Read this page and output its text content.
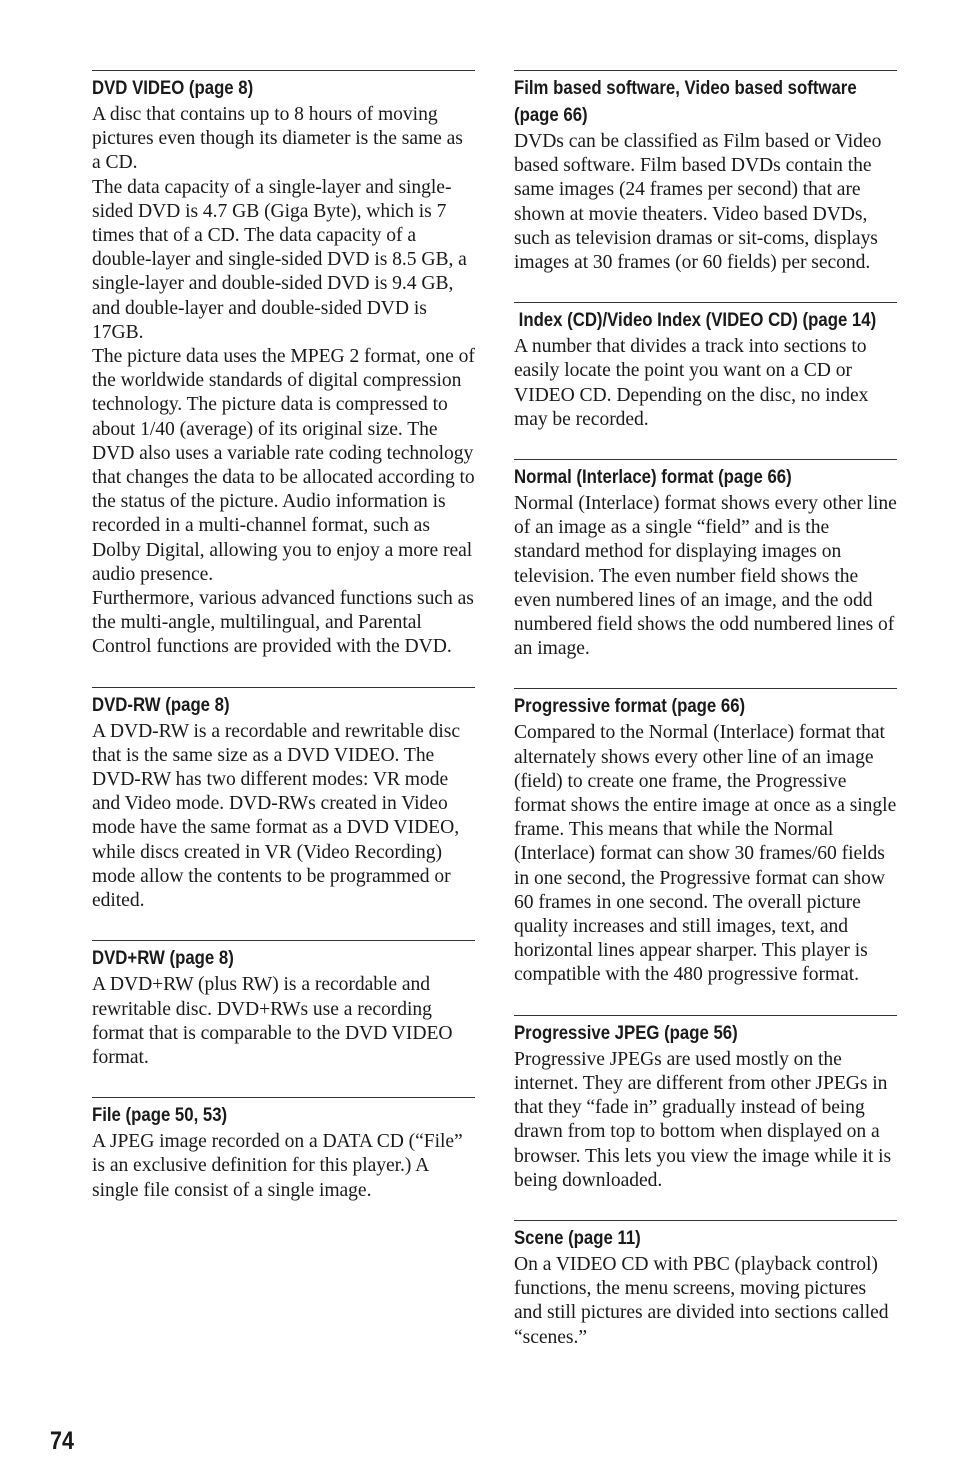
DVD VIDEO (page 8)

A disc that contains up to 8 hours of moving pictures even though its diameter is the same as a CD.

The data capacity of a single-layer and single-sided DVD is 4.7 GB (Giga Byte), which is 7 times that of a CD. The data capacity of a double-layer and single-sided DVD is 8.5 GB, a single-layer and double-sided DVD is 9.4 GB, and double-layer and double-sided DVD is 17GB.

The picture data uses the MPEG 2 format, one of the worldwide standards of digital compression technology. The picture data is compressed to about 1/40 (average) of its original size. The DVD also uses a variable rate coding technology that changes the data to be allocated according to the status of the picture. Audio information is recorded in a multi-channel format, such as Dolby Digital, allowing you to enjoy a more real audio presence.

Furthermore, various advanced functions such as the multi-angle, multilingual, and Parental Control functions are provided with the DVD.

DVD-RW (page 8)

A DVD-RW is a recordable and rewritable disc that is the same size as a DVD VIDEO. The DVD-RW has two different modes: VR mode and Video mode. DVD-RWs created in Video mode have the same format as a DVD VIDEO, while discs created in VR (Video Recording) mode allow the contents to be programmed or edited.

DVD+RW (page 8)

A DVD+RW (plus RW) is a recordable and rewritable disc. DVD+RWs use a recording format that is comparable to the DVD VIDEO format.

File (page 50, 53)

A JPEG image recorded on a DATA CD (“File” is an exclusive definition for this player.) A single file consist of a single image.

Film based software, Video based software (page 66)

DVDs can be classified as Film based or Video based software. Film based DVDs contain the same images (24 frames per second) that are shown at movie theaters. Video based DVDs, such as television dramas or sit-coms, displays images at 30 frames (or 60 fields) per second.

Index (CD)/Video Index (VIDEO CD) (page 14)

A number that divides a track into sections to easily locate the point you want on a CD or VIDEO CD. Depending on the disc, no index may be recorded.

Normal (Interlace) format (page 66)

Normal (Interlace) format shows every other line of an image as a single “field” and is the standard method for displaying images on television. The even number field shows the even numbered lines of an image, and the odd numbered field shows the odd numbered lines of an image.

Progressive format (page 66)

Compared to the Normal (Interlace) format that alternately shows every other line of an image (field) to create one frame, the Progressive format shows the entire image at once as a single frame. This means that while the Normal (Interlace) format can show 30 frames/60 fields in one second, the Progressive format can show 60 frames in one second. The overall picture quality increases and still images, text, and horizontal lines appear sharper. This player is compatible with the 480 progressive format.

Progressive JPEG (page 56)

Progressive JPEGs are used mostly on the internet. They are different from other JPEGs in that they “fade in” gradually instead of being drawn from top to bottom when displayed on a browser. This lets you view the image while it is being downloaded.

Scene (page 11)

On a VIDEO CD with PBC (playback control) functions, the menu screens, moving pictures and still pictures are divided into sections called “scenes.”

74
